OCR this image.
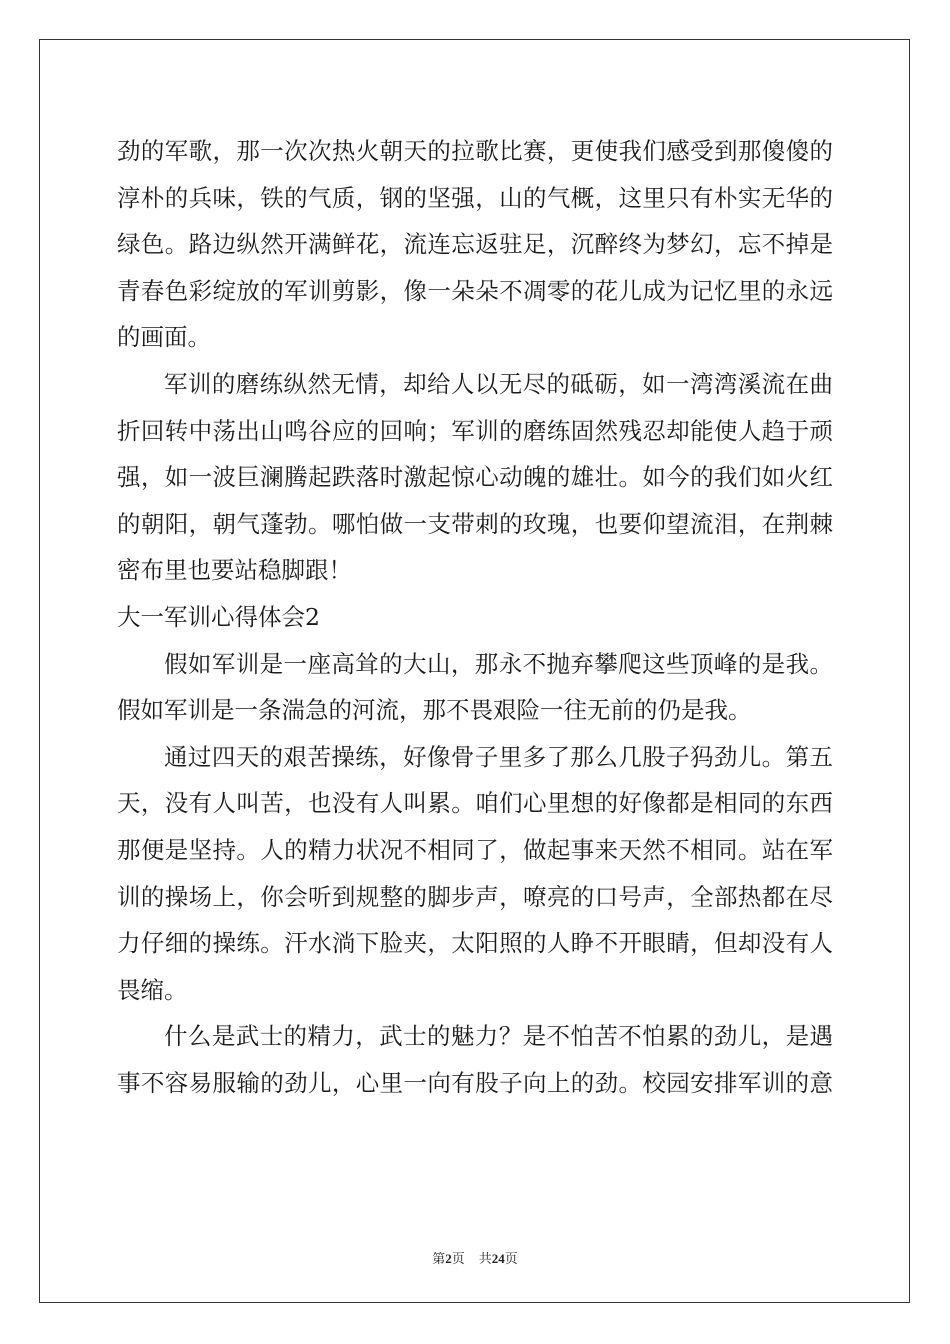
劲的军歌，那一次次热火朝天的拉歌比赛，更使我们感受到那傻傻的
淳朴的兵味，铁的气质，钢的坚强，山的气概，这里只有朴实无华的
绿色。路边纵然开满鲜花，流连忘返驻足，沉醉终为梦幻，忘不掉是
青春色彩绽放的军训剪影，像一朵朵不凋零的花儿成为记忆里的永远
的画面。
军训的磨练纵然无情，却给人以无尽的砥砺，如一湾湾溪流在曲
折回转中荡出山鸣谷应的回响；军训的磨练固然残忍却能使人趋于顽
强，如一波巨澜腾起跌落时激起惊心动魄的雄壮。如今的我们如火红
的朝阳，朝气蓬勃。哪怕做一支带刺的玫瑰，也要仰望流泪，在荆棘
密布里也要站稳脚跟！
大一军训心得体会2
假如军训是一座高耸的大山，那永不抛弃攀爬这些顶峰的是我。
假如军训是一条湍急的河流，那不畏艰险一往无前的仍是我。
通过四天的艰苦操练，好像骨子里多了那么几股子犸劲儿。第五
天，没有人叫苦，也没有人叫累。咱们心里想的好像都是相同的东西
那便是坚持。人的精力状况不相同了，做起事来天然不相同。站在军
训的操场上，你会听到规整的脚步声，嘹亮的口号声，全部热都在尽
力仔细的操练。汗水淌下脸夹，太阳照的人睁不开眼睛，但却没有人
畏缩。
什么是武士的精力，武士的魅力？是不怕苦不怕累的劲儿，是遇
事不容易服输的劲儿，心里一向有股子向上的劲。校园安排军训的意
第2页 共24页
